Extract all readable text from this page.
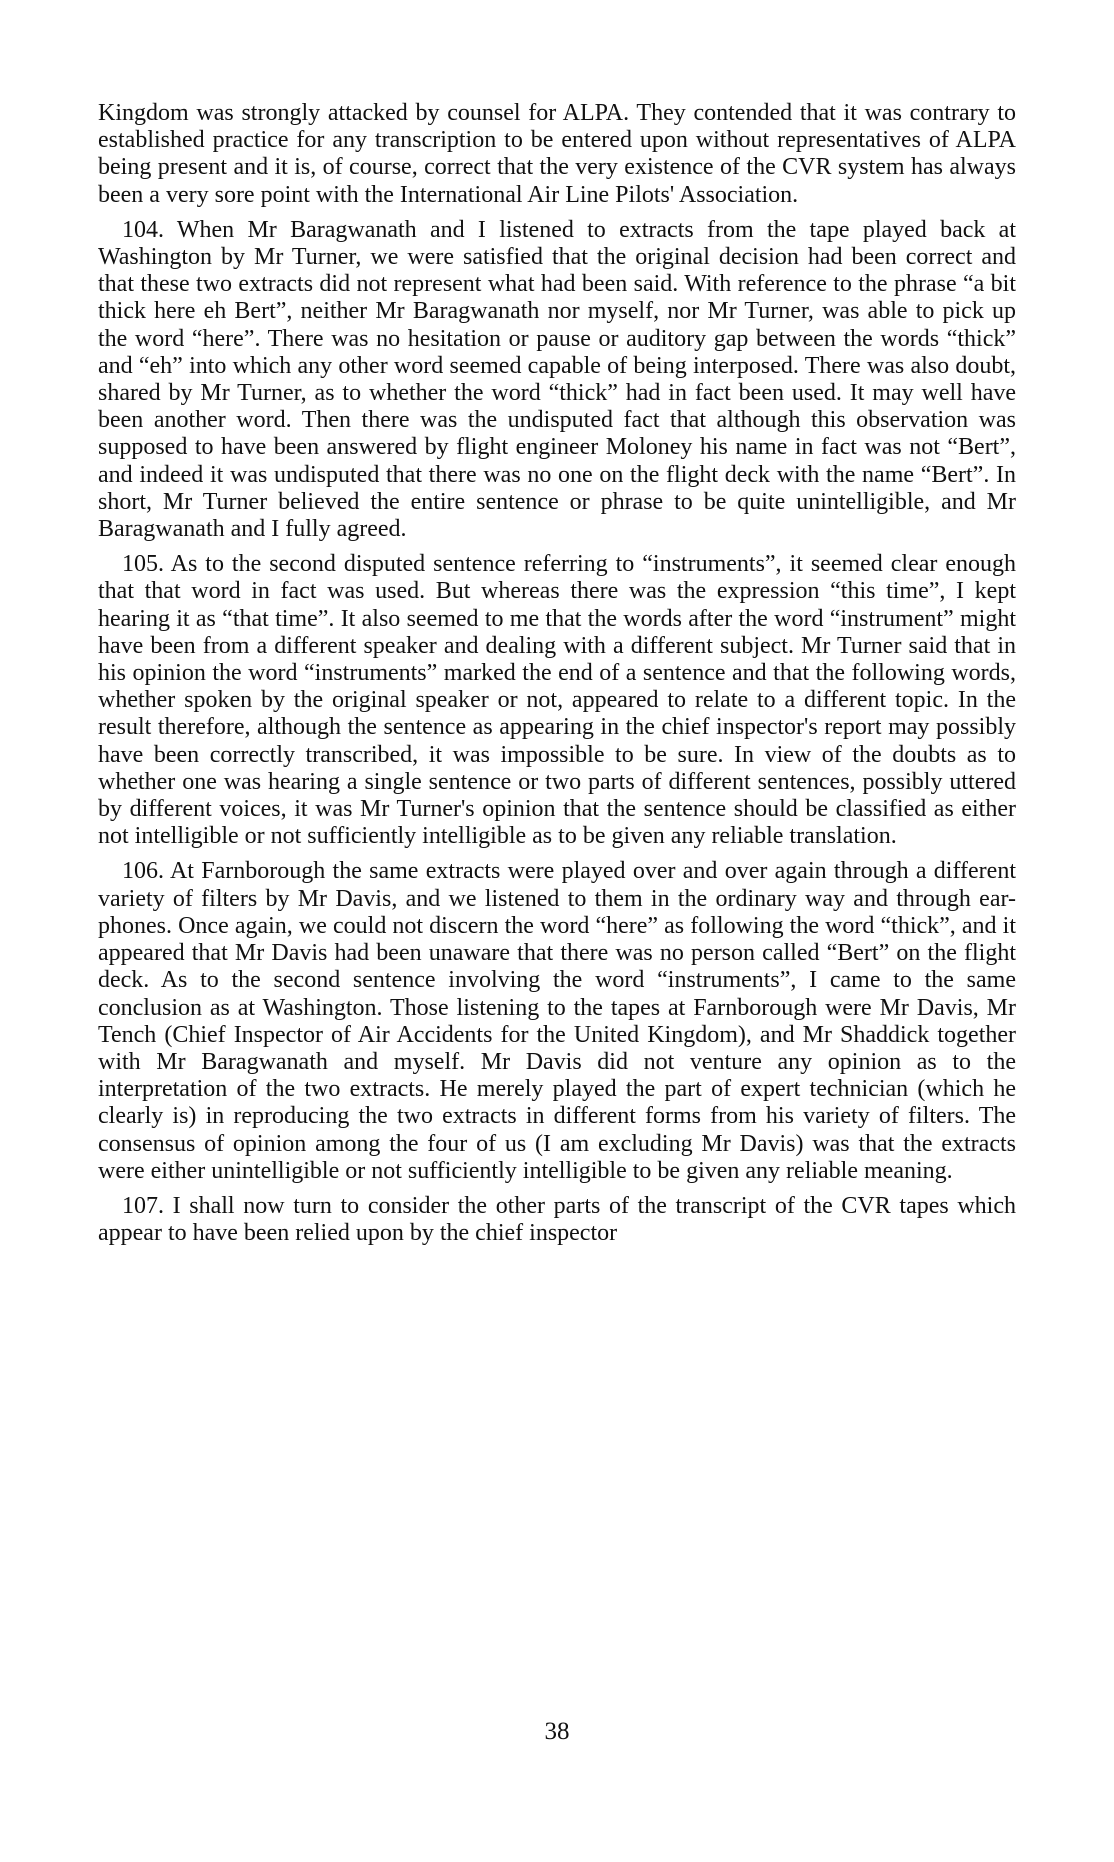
Kingdom was strongly attacked by counsel for ALPA. They contended that it was contrary to established practice for any transcription to be entered upon without representatives of ALPA being present and it is, of course, correct that the very existence of the CVR system has always been a very sore point with the International Air Line Pilots' Association.

104. When Mr Baragwanath and I listened to extracts from the tape played back at Washington by Mr Turner, we were satisfied that the original decision had been correct and that these two extracts did not represent what had been said. With reference to the phrase “a bit thick here eh Bert”, neither Mr Baragwanath nor myself, nor Mr Turner, was able to pick up the word “here”. There was no hesitation or pause or auditory gap between the words “thick” and “eh” into which any other word seemed capable of being interposed. There was also doubt, shared by Mr Turner, as to whether the word “thick” had in fact been used. It may well have been another word. Then there was the undisputed fact that although this observation was supposed to have been answered by flight engineer Moloney his name in fact was not “Bert”, and indeed it was undisputed that there was no one on the flight deck with the name “Bert”. In short, Mr Turner believed the entire sentence or phrase to be quite unintelligible, and Mr Baragwanath and I fully agreed.

105. As to the second disputed sentence referring to “instruments”, it seemed clear enough that that word in fact was used. But whereas there was the expression “this time”, I kept hearing it as “that time”. It also seemed to me that the words after the word “instrument” might have been from a different speaker and dealing with a different subject. Mr Turner said that in his opinion the word “instruments” marked the end of a sentence and that the following words, whether spoken by the original speaker or not, appeared to relate to a different topic. In the result therefore, although the sentence as appearing in the chief inspector's report may possibly have been correctly transcribed, it was impossible to be sure. In view of the doubts as to whether one was hearing a single sentence or two parts of different sentences, possibly uttered by different voices, it was Mr Turner's opinion that the sentence should be classified as either not intelligible or not sufficiently intelligible as to be given any reliable translation.

106. At Farnborough the same extracts were played over and over again through a different variety of filters by Mr Davis, and we listened to them in the ordinary way and through ear-phones. Once again, we could not discern the word “here” as following the word “thick”, and it appeared that Mr Davis had been unaware that there was no person called “Bert” on the flight deck. As to the second sentence involving the word “instruments”, I came to the same conclusion as at Washington. Those listening to the tapes at Farnborough were Mr Davis, Mr Tench (Chief Inspector of Air Accidents for the United Kingdom), and Mr Shaddick together with Mr Baragwanath and myself. Mr Davis did not venture any opinion as to the interpretation of the two extracts. He merely played the part of expert technician (which he clearly is) in reproducing the two extracts in different forms from his variety of filters. The consensus of opinion among the four of us (I am excluding Mr Davis) was that the extracts were either unintelligible or not sufficiently intelligible to be given any reliable meaning.

107. I shall now turn to consider the other parts of the transcript of the CVR tapes which appear to have been relied upon by the chief inspector

38
